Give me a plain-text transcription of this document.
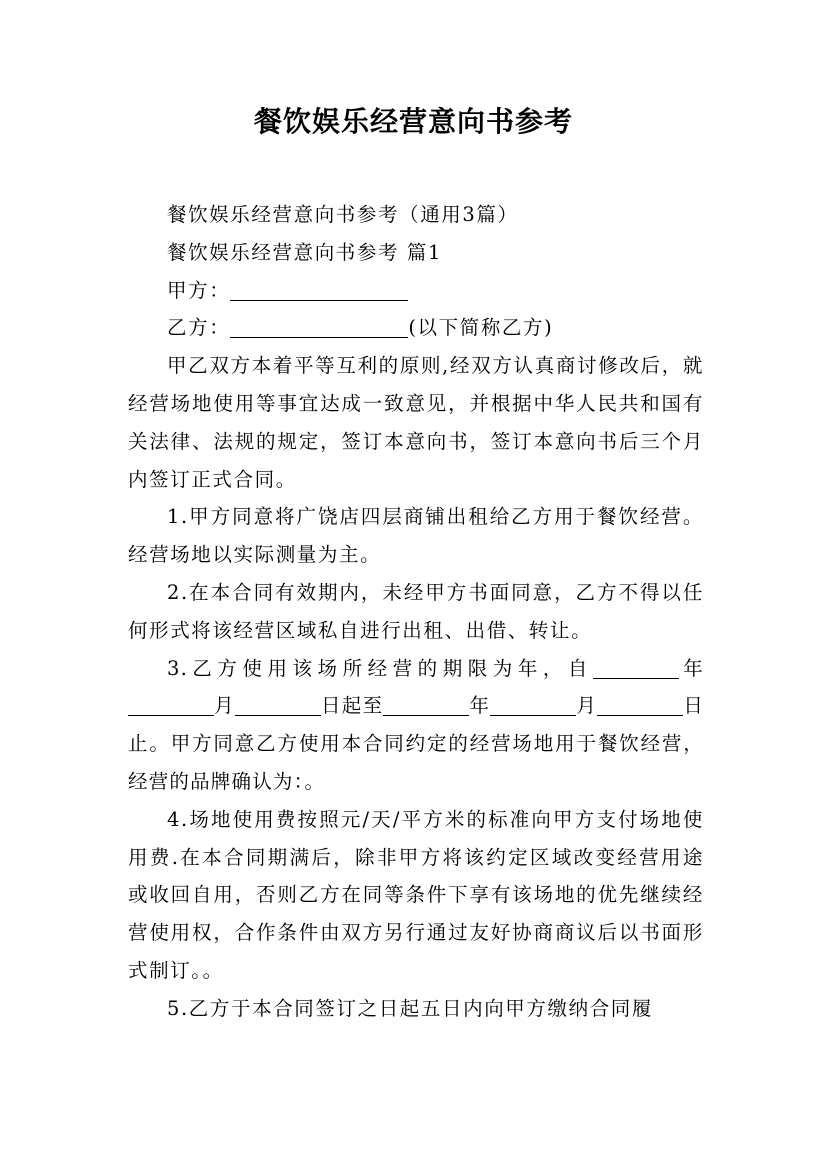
餐饮娱乐经营意向书参考

餐饮娱乐经营意向书参考（通用3篇）

餐饮娱乐经营意向书参考 篇1

甲方：

乙方：	(以下简称乙方)

甲乙双方本着平等互利的原则,经双方认真商讨修改后，就经营场地使用等事宜达成一致意见，并根据中华人民共和国有关法律、法规的规定，签订本意向书，签订本意向书后三个月内签订正式合同。

1.甲方同意将广饶店四层商铺出租给乙方用于餐饮经营。经营场地以实际测量为主。

2.在本合同有效期内，未经甲方书面同意，乙方不得以任何形式将该经营区域私自进行出租、出借、转让。

3.乙方使用该场所经营的期限为年，自	年月	日起至	年	月	日止。甲方同意乙方使用本合同约定的经营场地用于餐饮经营，经营的品牌确认为：。

4.场地使用费按照元/天/平方米的标准向甲方支付场地使用费.在本合同期满后，除非甲方将该约定区域改变经营用途或收回自用，否则乙方在同等条件下享有该场地的优先继续经营使用权，合作条件由双方另行通过友好协商商议后以书面形式制订。。

5.乙方于本合同签订之日起五日内向甲方缴纳合同履
